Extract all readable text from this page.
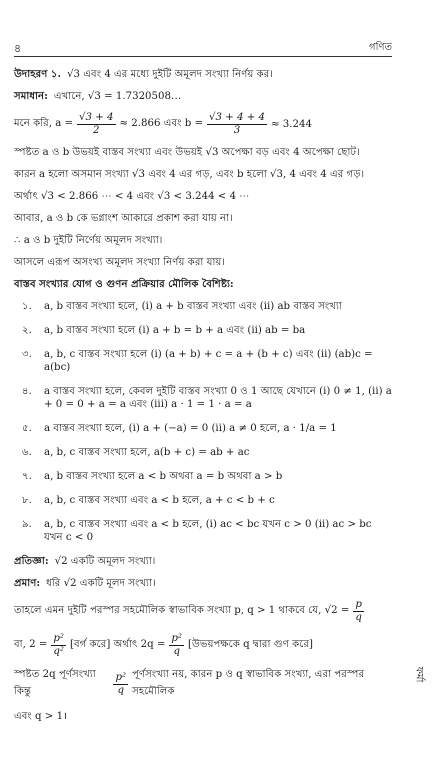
৪	গণিত
উদাহরণ ১. √3 এবং 4 এর মধ্যে দুইটি অমূলদ সংখ্যা নির্ণয় কর।
সমাধান: এখানে, √3 = 1.7320508…
মনে করি, $a = \frac{√3 + 4}{2} \approx 2.866$ এবং $b = \frac{√3 + 4 + 4}{3} \approx 3.244$
স্পষ্টত a ও b উভয়ই বাস্তব সংখ্যা এবং উভয়ই √3 অপেক্ষা বড় এবং 4 অপেক্ষা ছোট।
কারন a হলো অসমান সংখ্যা √3 এবং 4 এর গড়, এবং b হলো √3, 4 এবং 4 এর গড়।
অর্থাৎ √3 < 2.866 ⋯ < 4 এবং √3 < 3.244 < 4 ⋯
আবার, a ও b কে ভগ্নাংশ আকারে প্রকাশ করা যায় না।
∴ a ও b দুইটি নির্ণেয় অমূলদ সংখ্যা।
আসলে এরূপ অসংখ্য অমূলদ সংখ্যা নির্ণয় করা যায়।
বাস্তব সংখ্যার যোগ ও গুণন প্রক্রিয়ার মৌলিক বৈশিষ্ট্য:
১.	a, b বাস্তব সংখ্যা হলে, (i) a + b বাস্তব সংখ্যা এবং (ii) ab বাস্তব সংখ্যা
২.	a, b বাস্তব সংখ্যা হলে (i) a + b = b + a এবং (ii) ab = ba
৩.	a, b, c বাস্তব সংখ্যা হলে (i) (a + b) + c = a + (b + c) এবং (ii) (ab)c = a(bc)
৪.	a বাস্তব সংখ্যা হলে, কেবল দুইটি বাস্তব সংখ্যা 0 ও 1 আছে যেখানে (i) 0 ≠ 1, (ii) a + 0 = 0 + a = a এবং (iii) a · 1 = 1 · a = a
৫.	a বাস্তব সংখ্যা হলে, (i) a + (−a) = 0 (ii) a ≠ 0 হলে, a · 1/a = 1
৬.	a, b, c বাস্তব সংখ্যা হলে, a(b + c) = ab + ac
৭.	a, b বাস্তব সংখ্যা হলে a < b অথবা a = b অথবা a > b
৮.	a, b, c বাস্তব সংখ্যা এবং a < b হলে, a + c < b + c
৯.	a, b, c বাস্তব সংখ্যা এবং a < b হলে, (i) ac < bc যখন c > 0 (ii) ac > bc যখন c < 0
প্রতিজ্ঞা: √2 একটি অমূলদ সংখ্যা।
প্রমাণ: ধরি √2 একটি মূলদ সংখ্যা।
তাহলে এমন দুইটি পরস্পর সহমৌলিক স্বাভাবিক সংখ্যা p, q > 1 থাকবে যে, $√2 = \frac{p}{q}$
বা, $2 = \frac{\text{p²}}{\text{q²}}$ [বর্গ করে] অর্থাৎ $2q = \frac{\text{p²}}{q}$ [উভয়পক্ষকে q দ্বারা গুণ করে]
স্পষ্টত 2q পূর্ণসংখ্যা কিন্তু	$\frac{\text{p²}}{q}$ পূর্ণসংখ্যা নয়, কারন p ও q স্বাভাবিক সংখ্যা, এরা পরস্পর সহমৌলিক
এবং q > 1।
ফর্মা
